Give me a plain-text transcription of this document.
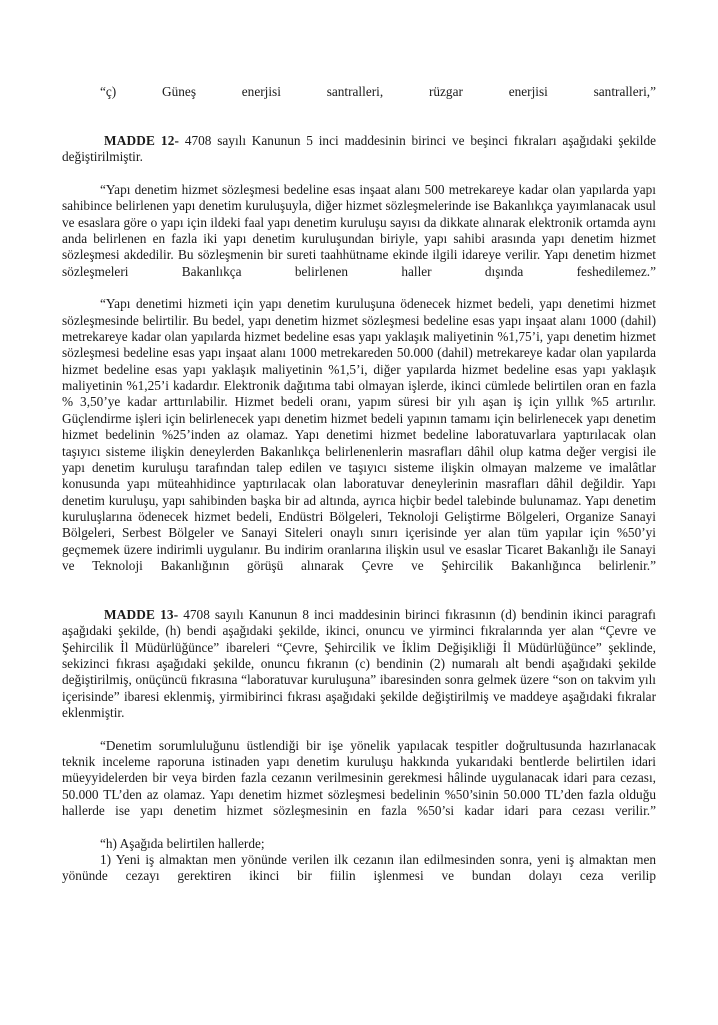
“ç) Güneş enerjisi santralleri, rüzgar enerjisi santralleri,”

MADDE 12- 4708 sayılı Kanunun 5 inci maddesinin birinci ve beşinci fıkraları aşağıdaki şekilde değiştirilmiştir.

“Yapı denetim hizmet sözleşmesi bedeline esas inşaat alanı 500 metrekareye kadar olan yapılarda yapı sahibince belirlenen yapı denetim kuruluşuyla, diğer hizmet sözleşmelerinde ise Bakanlıkça yayımlanacak usul ve esaslara göre o yapı için ildeki faal yapı denetim kuruluşu sayısı da dikkate alınarak elektronik ortamda aynı anda belirlenen en fazla iki yapı denetim kuruluşundan biriyle, yapı sahibi arasında yapı denetim hizmet sözleşmesi akdedilir. Bu sözleşmenin bir sureti taahhütname ekinde ilgili idareye verilir. Yapı denetim hizmet sözleşmeleri Bakanlıkça belirlenen haller dışında feshedilemez.”

“Yapı denetimi hizmeti için yapı denetim kuruluşuna ödenecek hizmet bedeli, yapı denetimi hizmet sözleşmesinde belirtilir. Bu bedel, yapı denetim hizmet sözleşmesi bedeline esas yapı inşaat alanı 1000 (dahil) metrekareye kadar olan yapılarda hizmet bedeline esas yapı yaklaşık maliyetinin %1,75’i, yapı denetim hizmet sözleşmesi bedeline esas yapı inşaat alanı 1000 metrekareden 50.000 (dahil) metrekareye kadar olan yapılarda hizmet bedeline esas yapı yaklaşık maliyetinin %1,5’i, diğer yapılarda hizmet bedeline esas yapı yaklaşık maliyetinin %1,25’i kadardır. Elektronik dağıtıma tabi olmayan işlerde, ikinci cümlede belirtilen oran en fazla % 3,50’ye kadar arttırılabilir. Hizmet bedeli oranı, yapım süresi bir yılı aşan iş için yıllık %5 artırılır. Güçlendirme işleri için belirlenecek yapı denetim hizmet bedeli yapının tamamı için belirlenecek yapı denetim hizmet bedelinin %25’inden az olamaz. Yapı denetimi hizmet bedeline laboratuvarlara yaptırılacak olan taşıyıcı sisteme ilişkin deneylerden Bakanlıkça belirlenenlerin masrafları dâhil olup katma değer vergisi ile yapı denetim kuruluşu tarafından talep edilen ve taşıyıcı sisteme ilişkin olmayan malzeme ve imalâtlar konusunda yapı müteahhidince yaptırılacak olan laboratuvar deneylerinin masrafları dâhil değildir. Yapı denetim kuruluşu, yapı sahibinden başka bir ad altında, ayrıca hiçbir bedel talebinde bulunamaz. Yapı denetim kuruluşlarına ödenecek hizmet bedeli, Endüstri Bölgeleri, Teknoloji Geliştirme Bölgeleri, Organize Sanayi Bölgeleri, Serbest Bölgeler ve Sanayi Siteleri onaylı sınırı içerisinde yer alan tüm yapılar için %50’yi geçmemek üzere indirimli uygulanır. Bu indirim oranlarına ilişkin usul ve esaslar Ticaret Bakanlığı ile Sanayi ve Teknoloji Bakanlığının görüşü alınarak Çevre ve Şehircilik Bakanlığınca belirlenir.”

MADDE 13- 4708 sayılı Kanunun 8 inci maddesinin birinci fıkrasının (d) bendinin ikinci paragrafı aşağıdaki şekilde, (h) bendi aşağıdaki şekilde, ikinci, onuncu ve yirminci fıkralarında yer alan “Çevre ve Şehircilik İl Müdürlüğünce” ibareleri “Çevre, Şehircilik ve İklim Değişikliği İl Müdürlüğünce” şeklinde, sekizinci fıkrası aşağıdaki şekilde, onuncu fıkranın (c) bendinin (2) numaralı alt bendi aşağıdaki şekilde değiştirilmiş, onüçüncü fıkrasına “laboratuvar kuruluşuna” ibaresinden sonra gelmek üzere “son on takvim yılı içerisinde” ibaresi eklenmiş, yirmibirinci fıkrası aşağıdaki şekilde değiştirilmiş ve maddeye aşağıdaki fıkralar eklenmiştir.

“Denetim sorumluluğunu üstlendiği bir işe yönelik yapılacak tespitler doğrultusunda hazırlanacak teknik inceleme raporuna istinaden yapı denetim kuruluşu hakkında yukarıdaki bentlerde belirtilen idari müeyyidelerden bir veya birden fazla cezanın verilmesinin gerekmesi hâlinde uygulanacak idari para cezası, 50.000 TL’den az olamaz. Yapı denetim hizmet sözleşmesi bedelinin %50’sinin 50.000 TL’den fazla olduğu hallerde ise yapı denetim hizmet sözleşmesinin en fazla %50’si kadar idari para cezası verilir.”

“h) Aşağıda belirtilen hallerde;

1) Yeni iş almaktan men yönünde verilen ilk cezanın ilan edilmesinden sonra, yeni iş almaktan men yönünde cezayı gerektiren ikinci bir fiilin işlenmesi ve bundan dolayı ceza verilip
